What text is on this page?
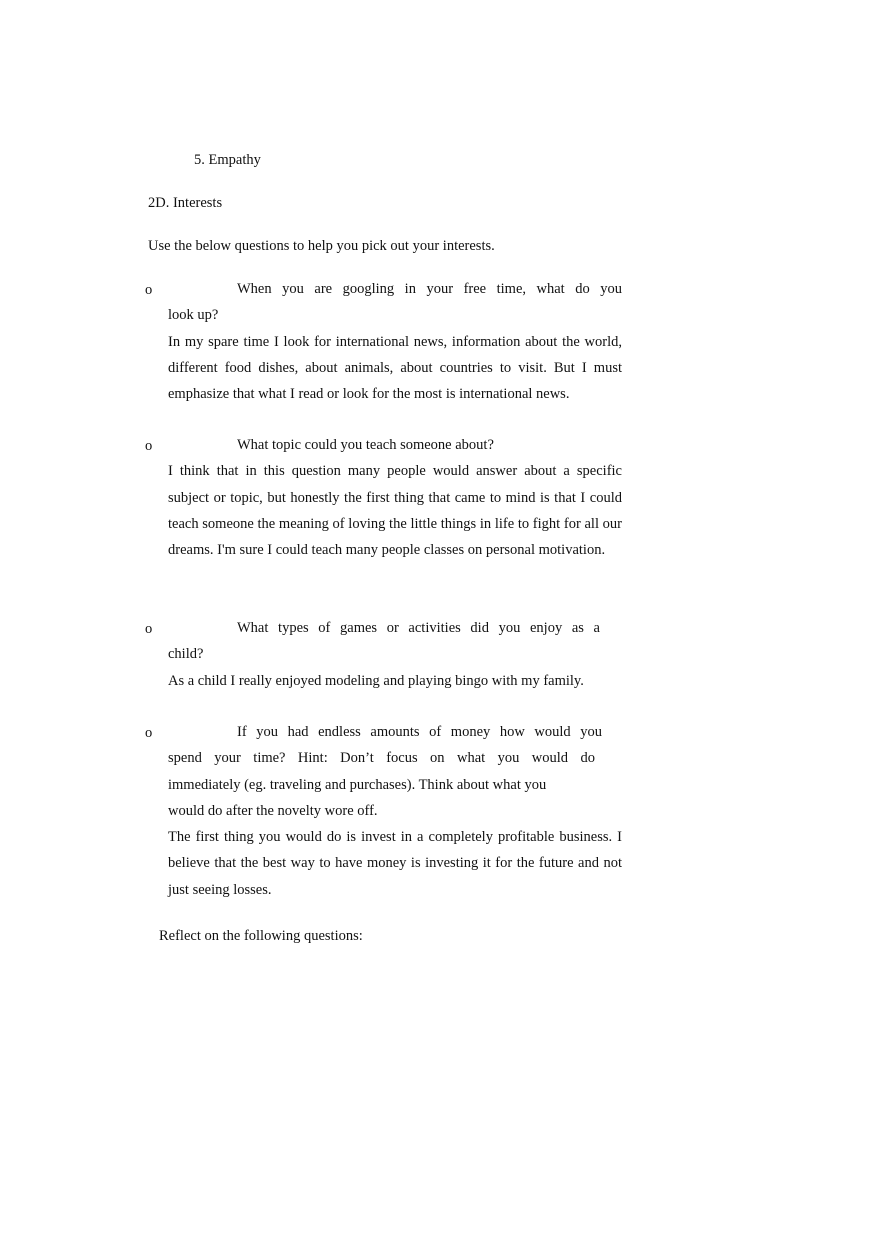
5. Empathy
2D. Interests
Use the below questions to help you pick out your interests.
o	When you are googling in your free time, what do you
look up?
In my spare time I look for international news, information about the world, different food dishes, about animals, about countries to visit. But I must emphasize that what I read or look for the most is international news.
o	What topic could you teach someone about?
I think that in this question many people would answer about a specific subject or topic, but honestly the first thing that came to mind is that I could teach someone the meaning of loving the little things in life to fight for all our dreams. I'm sure I could teach many people classes on personal motivation.
o	What types of games or activities did you enjoy as a
child?
As a child I really enjoyed modeling and playing bingo with my family.
o	If you had endless amounts of money how would you
spend your time? Hint: Don’t focus on what you would do
immediately (eg. traveling and purchases). Think about what you
would do after the novelty wore off.
The first thing you would do is invest in a completely profitable business. I believe that the best way to have money is investing it for the future and not just seeing losses.
Reflect on the following questions:
